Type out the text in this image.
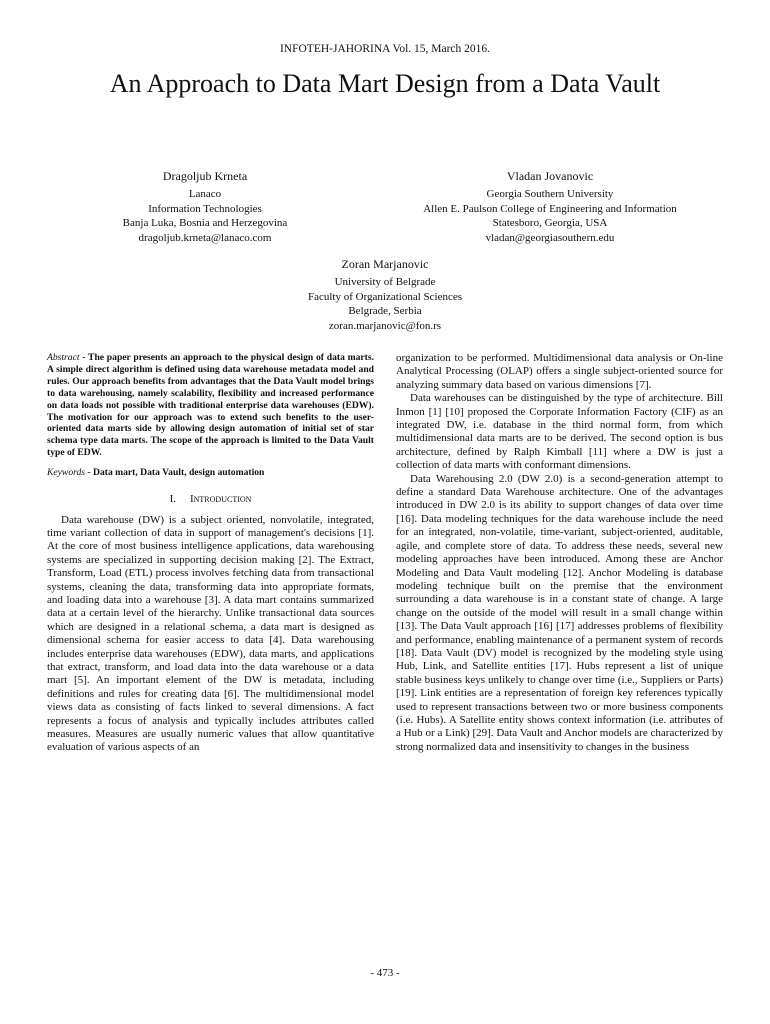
INFOTEH-JAHORINA Vol. 15, March 2016.
An Approach to Data Mart Design from a Data Vault
Dragoljub Krneta
Lanaco
Information Technologies
Banja Luka, Bosnia and Herzegovina
dragoljub.krneta@lanaco.com
Vladan Jovanovic
Georgia Southern University
Allen E. Paulson College of Engineering and Information
Statesboro, Georgia, USA
vladan@georgiasouthern.edu
Zoran Marjanovic
University of Belgrade
Faculty of Organizational Sciences
Belgrade, Serbia
zoran.marjanovic@fon.rs

Abstract - The paper presents an approach to the physical design of data marts. A simple direct algorithm is defined using data warehouse metadata model and rules. Our approach benefits from advantages that the Data Vault model brings to data warehousing, namely scalability, flexibility and increased performance on data loads not possible with traditional enterprise data warehouses (EDW). The motivation for our approach was to extend such benefits to the user-oriented data marts side by allowing design automation of initial set of star schema type data marts. The scope of the approach is limited to the Data Vault type of EDW.

Keywords - Data mart, Data Vault, design automation

I. Introduction

Data warehouse (DW) is a subject oriented, nonvolatile, integrated, time variant collection of data in support of management's decisions [1]. At the core of most business intelligence applications, data warehousing systems are specialized in supporting decision making [2]. The Extract, Transform, Load (ETL) process involves fetching data from transactional systems, cleaning the data, transforming data into appropriate formats, and loading data into a warehouse [3]. A data mart contains summarized data at a certain level of the hierarchy. Unlike transactional data sources which are designed in a relational schema, a data mart is designed as dimensional schema for easier access to data [4]. Data warehousing includes enterprise data warehouses (EDW), data marts, and applications that extract, transform, and load data into the data warehouse or a data mart [5]. An important element of the DW is metadata, including definitions and rules for creating data [6]. The multidimensional model views data as consisting of facts linked to several dimensions. A fact represents a focus of analysis and typically includes attributes called measures. Measures are usually numeric values that allow quantitative evaluation of various aspects of an

organization to be performed. Multidimensional data analysis or On-line Analytical Processing (OLAP) offers a single subject-oriented source for analyzing summary data based on various dimensions [7].

Data warehouses can be distinguished by the type of architecture. Bill Inmon [1] [10] proposed the Corporate Information Factory (CIF) as an integrated DW, i.e. database in the third normal form, from which multidimensional data marts are to be derived. The second option is bus architecture, defined by Ralph Kimball [11] where a DW is just a collection of data marts with conformant dimensions.

Data Warehousing 2.0 (DW 2.0) is a second-generation attempt to define a standard Data Warehouse architecture. One of the advantages introduced in DW 2.0 is its ability to support changes of data over time [16]. Data modeling techniques for the data warehouse include the need for an integrated, non-volatile, time-variant, subject-oriented, auditable, agile, and complete store of data. To address these needs, several new modeling approaches have been introduced. Among these are Anchor Modeling and Data Vault modeling [12]. Anchor Modeling is database modeling technique built on the premise that the environment surrounding a data warehouse is in a constant state of change. A large change on the outside of the model will result in a small change within [13]. The Data Vault approach [16] [17] addresses problems of flexibility and performance, enabling maintenance of a permanent system of records [18]. Data Vault (DV) model is recognized by the modeling style using Hub, Link, and Satellite entities [17]. Hubs represent a list of unique stable business keys unlikely to change over time (i.e., Suppliers or Parts) [19]. Link entities are a representation of foreign key references typically used to represent transactions between two or more business components (i.e. Hubs). A Satellite entity shows context information (i.e. attributes of a Hub or a Link) [29]. Data Vault and Anchor models are characterized by strong normalized data and insensitivity to changes in the business

- 473 -
